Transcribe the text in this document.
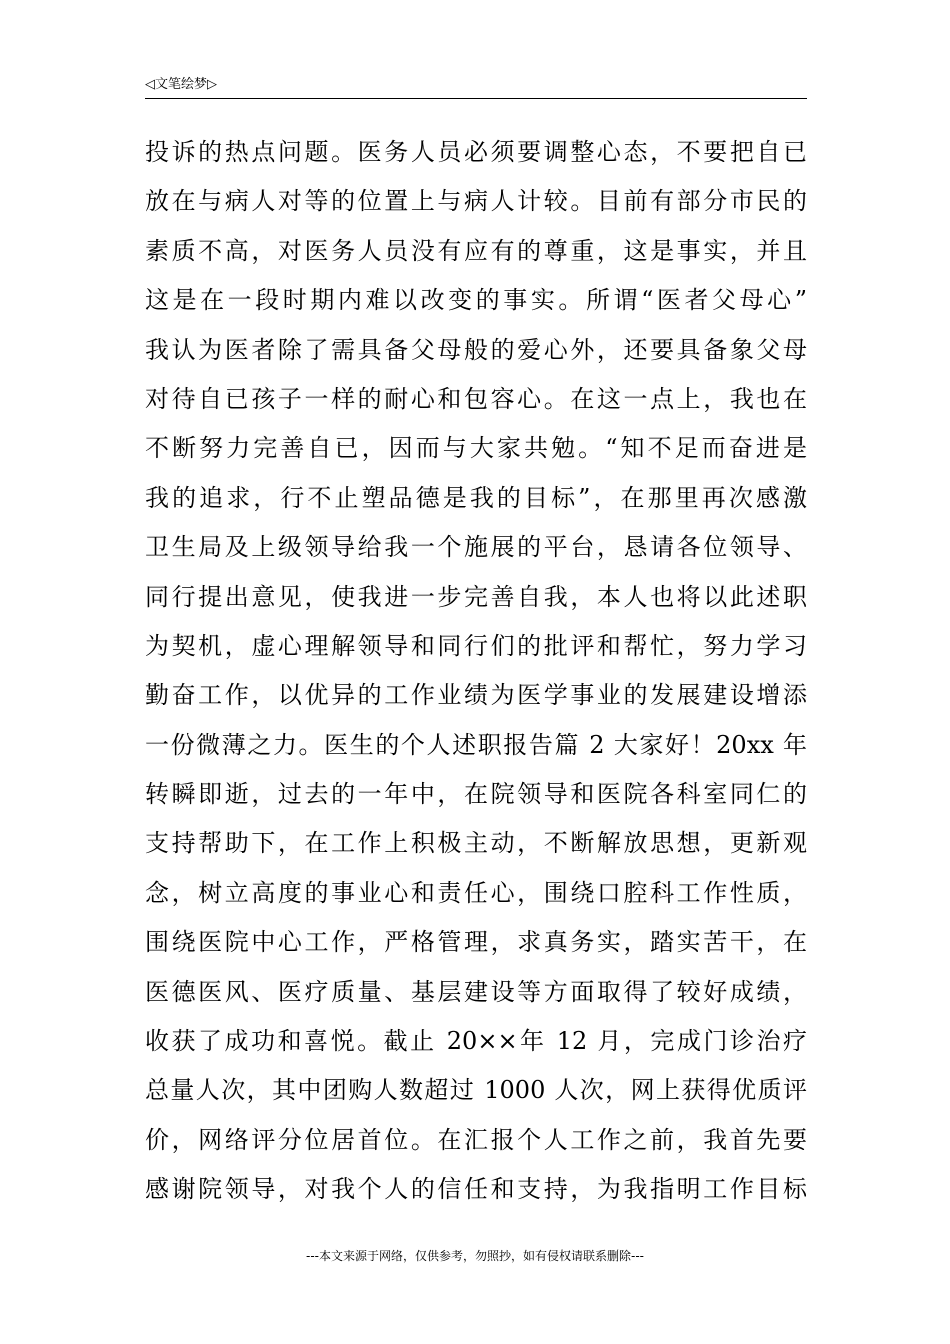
◁文笔绘梦▷
投诉的热点问题。医务人员必须要调整心态，不要把自已
放在与病人对等的位置上与病人计较。目前有部分市民的
素质不高，对医务人员没有应有的尊重，这是事实，并且
这是在一段时期内难以改变的事实。所谓“医者父母心”
我认为医者除了需具备父母般的爱心外，还要具备象父母
对待自已孩子一样的耐心和包容心。在这一点上，我也在
不断努力完善自已，因而与大家共勉。“知不足而奋进是
我的追求，行不止塑品德是我的目标”，在那里再次感激
卫生局及上级领导给我一个施展的平台，恳请各位领导、
同行提出意见，使我进一步完善自我，本人也将以此述职
为契机，虚心理解领导和同行们的批评和帮忙，努力学习
勤奋工作，以优异的工作业绩为医学事业的发展建设增添
一份微薄之力。医生的个人述职报告篇 2 大家好！20xx 年
转瞬即逝，过去的一年中，在院领导和医院各科室同仁的
支持帮助下，在工作上积极主动，不断解放思想，更新观
念，树立高度的事业心和责任心，围绕口腔科工作性质，
围绕医院中心工作，严格管理，求真务实，踏实苦干，在
医德医风、医疗质量、基层建设等方面取得了较好成绩，
收获了成功和喜悦。截止 20××年 12 月，完成门诊治疗
总量人次，其中团购人数超过 1000 人次，网上获得优质评
价，网络评分位居首位。在汇报个人工作之前，我首先要
感谢院领导，对我个人的信任和支持，为我指明工作目标
---本文来源于网络，仅供参考，勿照抄，如有侵权请联系删除---
